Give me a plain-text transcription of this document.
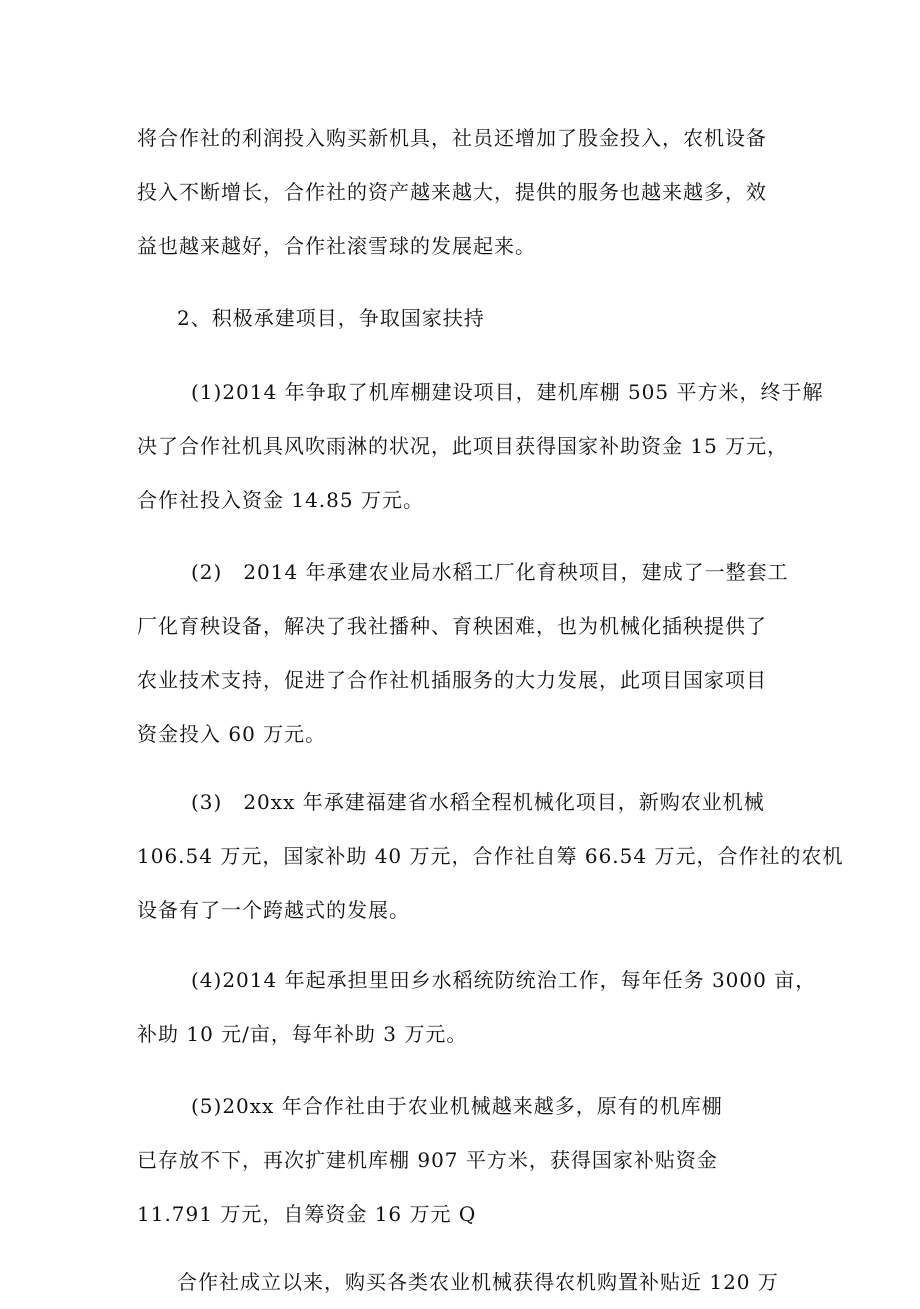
将合作社的利润投入购买新机具，社员还增加了股金投入，农机设备
投入不断增长，合作社的资产越来越大，提供的服务也越来越多，效
益也越来越好，合作社滚雪球的发展起来。
2、积极承建项目，争取国家扶持
(1)2014 年争取了机库棚建设项目，建机库棚 505 平方米，终于解
决了合作社机具风吹雨淋的状况，此项目获得国家补助资金 15 万元，
合作社投入资金 14.85 万元。
(2)　2014 年承建农业局水稻工厂化育秧项目，建成了一整套工
厂化育秧设备，解决了我社播种、育秧困难，也为机械化插秧提供了
农业技术支持，促进了合作社机插服务的大力发展，此项目国家项目
资金投入 60 万元。
(3)　20xx 年承建福建省水稻全程机械化项目，新购农业机械
106.54 万元，国家补助 40 万元，合作社自筹 66.54 万元，合作社的农机
设备有了一个跨越式的发展。
(4)2014 年起承担里田乡水稻统防统治工作，每年任务 3000 亩，
补助 10 元/亩，每年补助 3 万元。
(5)20xx 年合作社由于农业机械越来越多，原有的机库棚
已存放不下，再次扩建机库棚 907 平方米，获得国家补贴资金
11.791 万元，自筹资金 16 万元 Q
合作社成立以来，购买各类农业机械获得农机购置补贴近 120 万
